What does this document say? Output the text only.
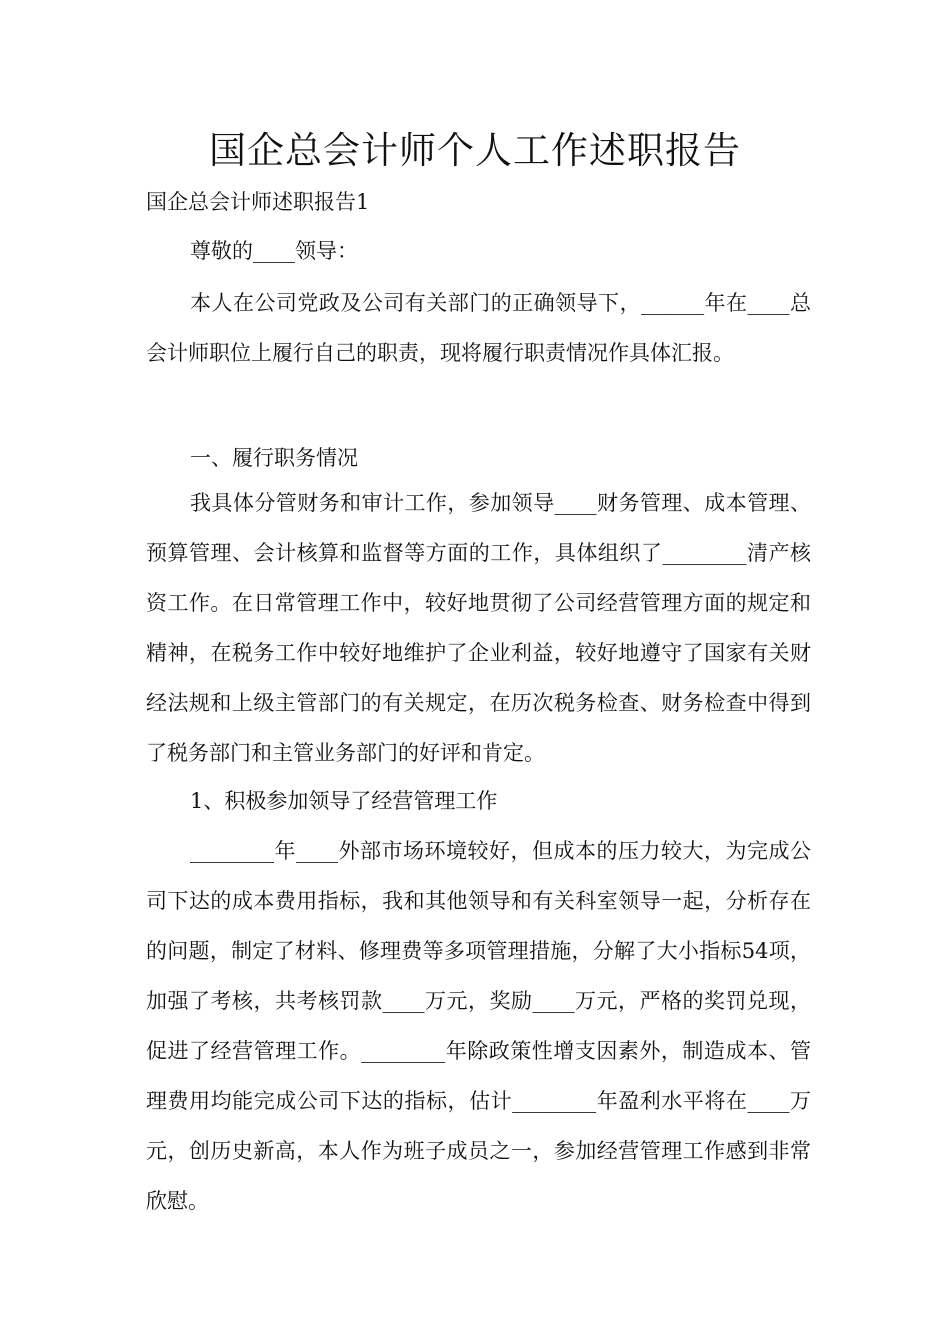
国企总会计师个人工作述职报告

国企总会计师述职报告1

尊敬的____领导：

本人在公司党政及公司有关部门的正确领导下，______年在____总会计师职位上履行自己的职责，现将履行职责情况作具体汇报。

一、履行职务情况

我具体分管财务和审计工作，参加领导____财务管理、成本管理、预算管理、会计核算和监督等方面的工作，具体组织了________清产核资工作。在日常管理工作中，较好地贯彻了公司经营管理方面的规定和精神，在税务工作中较好地维护了企业利益，较好地遵守了国家有关财经法规和上级主管部门的有关规定，在历次税务检查、财务检查中得到了税务部门和主管业务部门的好评和肯定。

1、积极参加领导了经营管理工作

________年____外部市场环境较好，但成本的压力较大，为完成公司下达的成本费用指标，我和其他领导和有关科室领导一起，分析存在的问题，制定了材料、修理费等多项管理措施，分解了大小指标54项，加强了考核，共考核罚款____万元，奖励____万元，严格的奖罚兑现，促进了经营管理工作。________年除政策性增支因素外，制造成本、管理费用均能完成公司下达的指标，估计________年盈利水平将在____万元，创历史新高，本人作为班子成员之一，参加经营管理工作感到非常欣慰。
